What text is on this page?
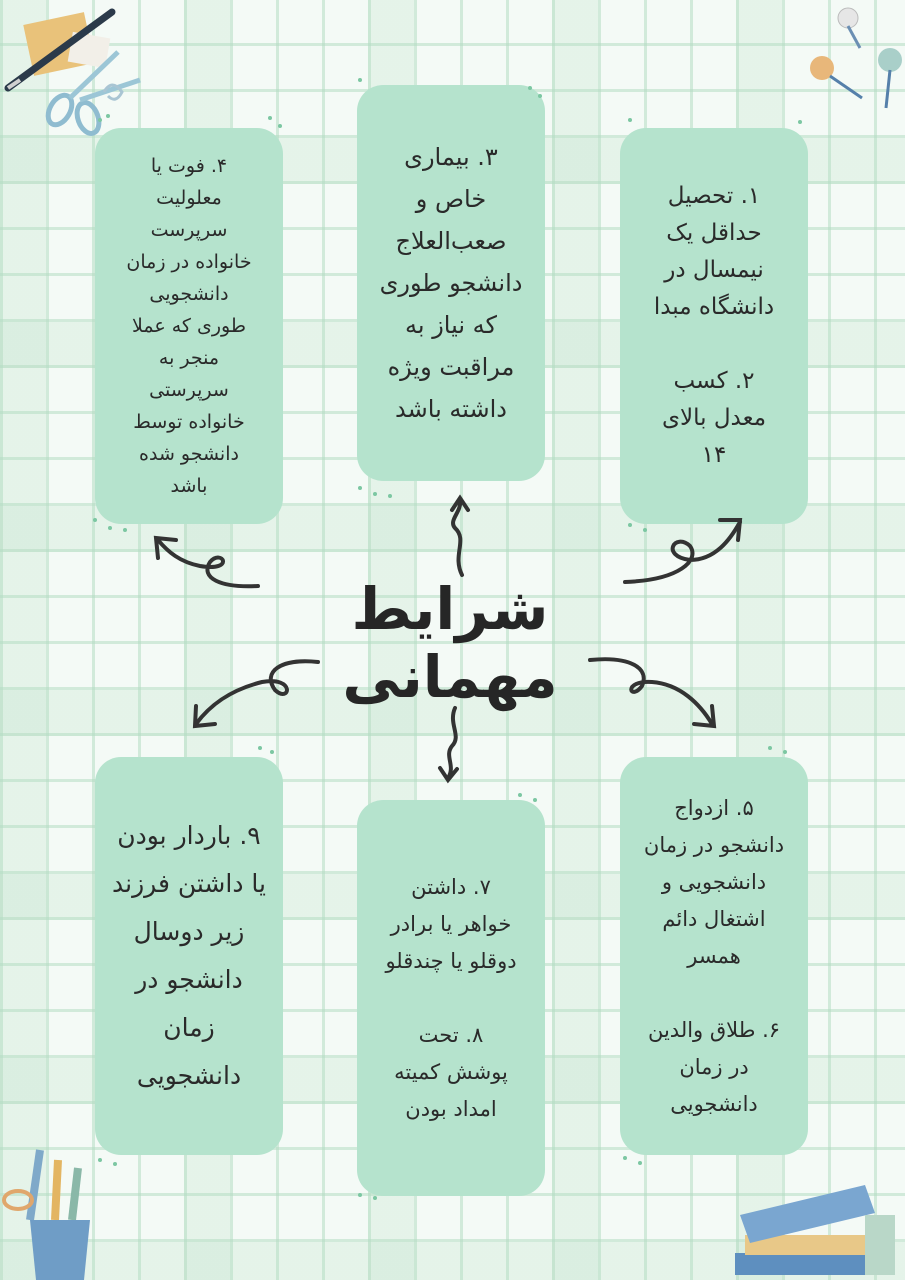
۱. تحصیل
حداقل یک
نیمسال در
دانشگاه مبدا

۲. کسب
معدل بالای
۱۴
۳. بیماری
خاص و
صعب‌العلاج
دانشجو طوری
که نیاز به
مراقبت ویژه
داشته باشد
۴. فوت یا
معلولیت
سرپرست
خانواده در زمان
دانشجویی
طوری که عملا
منجر به
سرپرستی
خانواده توسط
دانشجو شده
باشد
۵. ازدواج
دانشجو در زمان
دانشجویی و
اشتغال دائم
همسر

۶. طلاق والدین
در زمان
دانشجویی
۷. داشتن
خواهر یا برادر
دوقلو یا چندقلو

۸. تحت
پوشش کمیته
امداد بودن
۹. باردار بودن
یا داشتن فرزند
زیر دوسال
دانشجو در
زمان
دانشجویی
شرایط مهمانی
